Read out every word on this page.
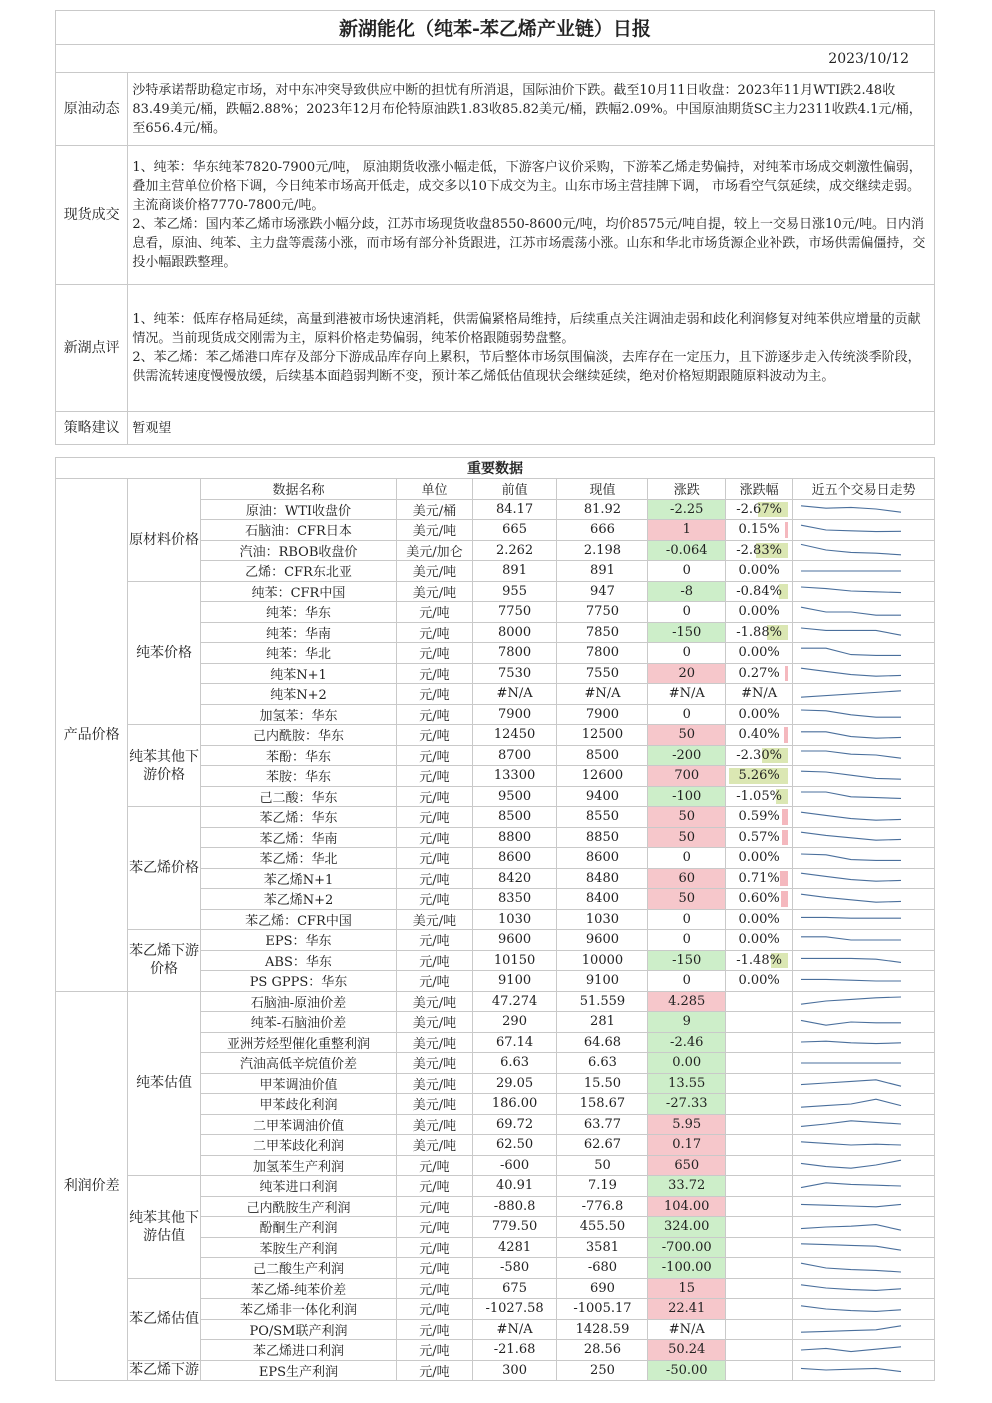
新湖能化（纯苯-苯乙烯产业链）日报								
2023/10/12								
原油动态	沙特承诺帮助稳定市场，对中东冲突导致供应中断的担忧有所消退，国际油价下跌。截至10月11日收盘：2023年11月WTI跌2.48收83.49美元/桶，跌幅2.88%；2023年12月布伦特原油跌1.83收85.82美元/桶，跌幅2.09%。中国原油期货SC主力2311收跌4.1元/桶，至656.4元/桶。							
现货成交	1、纯苯：华东纯苯7820-7900元/吨， 原油期货收涨小幅走低，下游客户议价采购，下游苯乙烯走势偏持，对纯苯市场成交刺激性偏弱，叠加主营单位价格下调，今日纯苯市场高开低走，成交多以10下成交为主。山东市场主营挂牌下调， 市场看空气氛延续，成交继续走弱。主流商谈价格7770-7800元/吨。
2、苯乙烯：国内苯乙烯市场涨跌小幅分歧，江苏市场现货收盘8550-8600元/吨，均价8575元/吨自提，较上一交易日涨10元/吨。日内消息看，原油、纯苯、主力盘等震荡小涨，而市场有部分补货跟进，江苏市场震荡小涨。山东和华北市场货源企业补跌，市场供需偏僵持，交投小幅跟跌整理。							
新湖点评	1、纯苯：低库存格局延续，高量到港被市场快速消耗，供需偏紧格局维持，后续重点关注调油走弱和歧化利润修复对纯苯供应增量的贡献情况。当前现货成交刚需为主，原料价格走势偏弱，纯苯价格跟随弱势盘整。
2、苯乙烯：苯乙烯港口库存及部分下游成品库存向上累积，节后整体市场氛围偏淡，去库存在一定压力，且下游逐步走入传统淡季阶段，供需流转速度慢慢放缓，后续基本面趋弱判断不变，预计苯乙烯低估值现状会继续延续，绝对价格短期跟随原料波动为主。							
策略建议	暂观望							

重要数据								
产品价格		数据名称	单位	前值	现值	涨跌	涨跌幅	近五个交易日走势
	原材料价格	原油：WTI收盘价	美元/桶	84.17	81.92	-2.25	-2.67%	

		石脑油：CFR日本	美元/吨	665	666	1	0.15%	

		汽油：RBOB收盘价	美元/加仑	2.262	2.198	-0.064	-2.83%	

		乙烯：CFR东北亚	美元/吨	891	891	0	0.00%	

	纯苯价格	纯苯：CFR中国	美元/吨	955	947	-8	-0.84%	

		纯苯：华东	元/吨	7750	7750	0	0.00%	

		纯苯：华南	元/吨	8000	7850	-150	-1.88%	

		纯苯：华北	元/吨	7800	7800	0	0.00%	

		纯苯N+1	元/吨	7530	7550	20	0.27%	

		纯苯N+2	元/吨	#N/A	#N/A	#N/A	#N/A	

		加氢苯：华东	元/吨	7900	7900	0	0.00%	

	纯苯其他下游价格	己内酰胺：华东	元/吨	12450	12500	50	0.40%	

		苯酚：华东	元/吨	8700	8500	-200	-2.30%	

		苯胺：华东	元/吨	13300	12600	700	5.26%	

		己二酸：华东	元/吨	9500	9400	-100	-1.05%	

	苯乙烯价格	苯乙烯：华东	元/吨	8500	8550	50	0.59%	

		苯乙烯：华南	元/吨	8800	8850	50	0.57%	

		苯乙烯：华北	元/吨	8600	8600	0	0.00%	

		苯乙烯N+1	元/吨	8420	8480	60	0.71%	

		苯乙烯N+2	元/吨	8350	8400	50	0.60%	

		苯乙烯：CFR中国	美元/吨	1030	1030	0	0.00%	

	苯乙烯下游价格	EPS：华东	元/吨	9600	9600	0	0.00%	

		ABS：华东	元/吨	10150	10000	-150	-1.48%	

		PS GPPS：华东	元/吨	9100	9100	0	0.00%	

利润价差	纯苯估值	石脑油-原油价差	美元/吨	47.274	51.559	4.285		

		纯苯-石脑油价差	美元/吨	290	281	9		

		亚洲芳烃型催化重整利润	美元/吨	67.14	64.68	-2.46		

		汽油高低辛烷值价差	美元/吨	6.63	6.63	0.00		

		甲苯调油价值	美元/吨	29.05	15.50	13.55		

		甲苯歧化利润	美元/吨	186.00	158.67	-27.33		

		二甲苯调油价值	美元/吨	69.72	63.77	5.95		

		二甲苯歧化利润	美元/吨	62.50	62.67	0.17		

		加氢苯生产利润	元/吨	-600	50	650		

	纯苯其他下游估值	纯苯进口利润	元/吨	40.91	7.19	33.72		

		己内酰胺生产利润	元/吨	-880.8	-776.8	104.00		

		酚酮生产利润	元/吨	779.50	455.50	324.00		

		苯胺生产利润	元/吨	4281	3581	-700.00		

		己二酸生产利润	元/吨	-580	-680	-100.00		

	苯乙烯估值	苯乙烯-纯苯价差	元/吨	675	690	15		

		苯乙烯非一体化利润	元/吨	-1027.58	-1005.17	22.41		

		PO/SM联产利润	元/吨	#N/A	1428.59	#N/A		

		苯乙烯进口利润	元/吨	-21.68	28.56	50.24		

	苯乙烯下游	EPS生产利润	元/吨	300	250	-50.00		
